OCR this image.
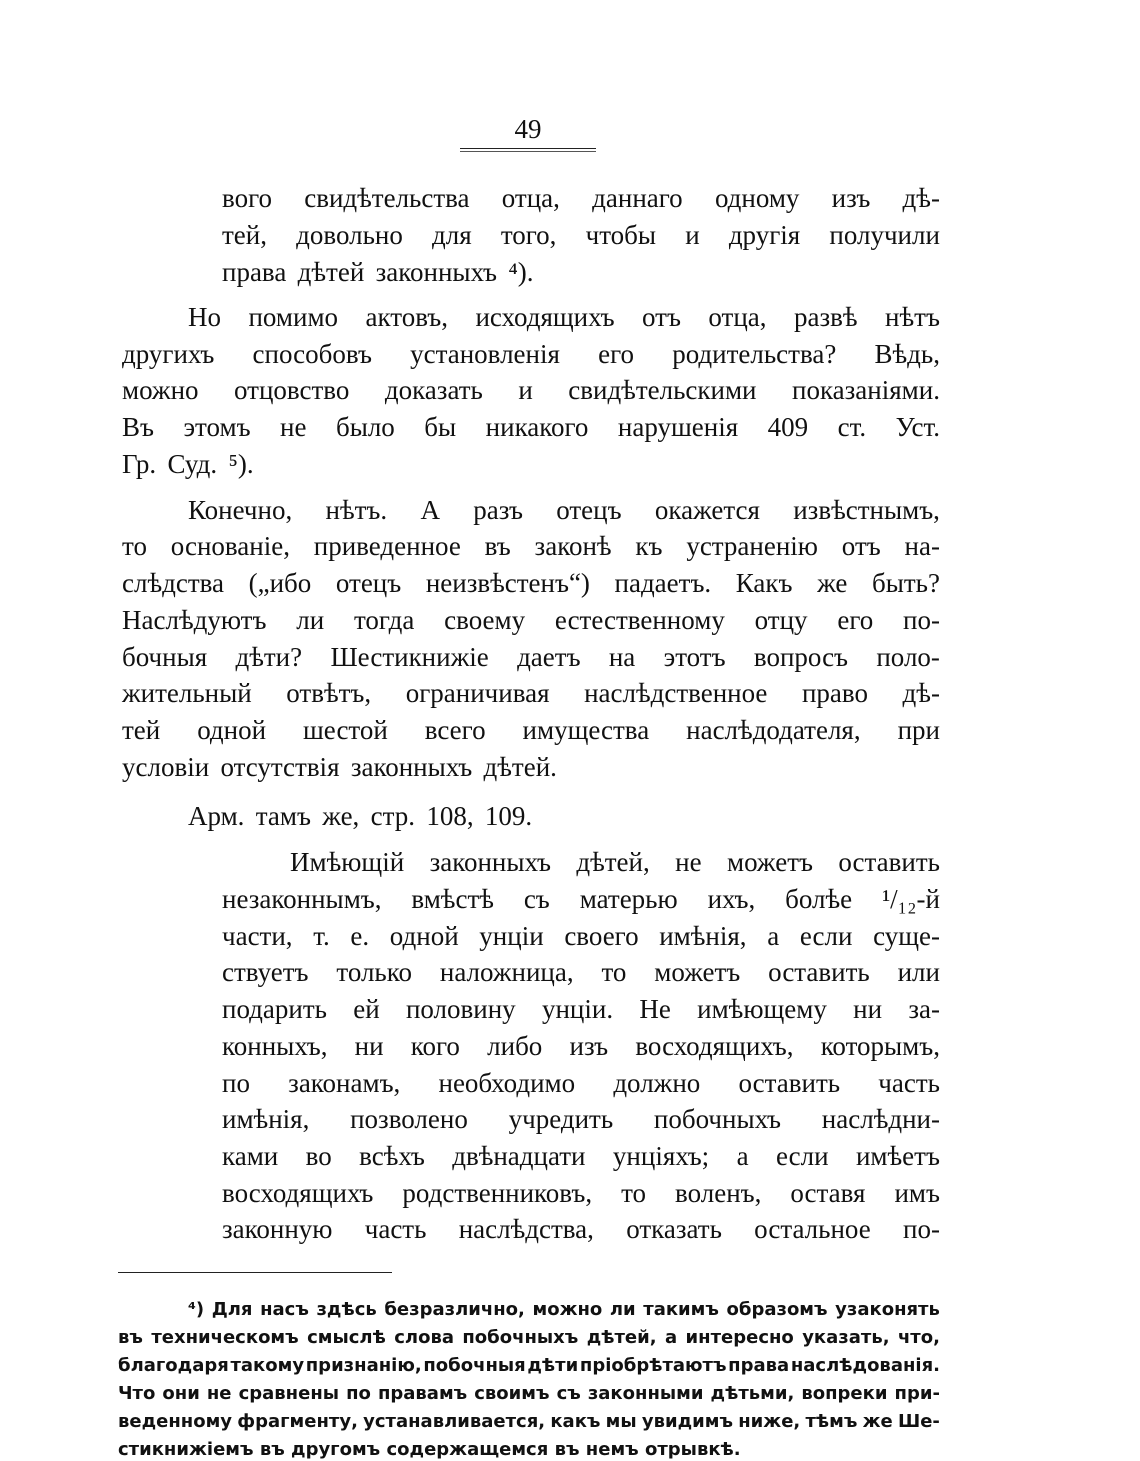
49
вого свидѣтельства отца, даннаго одному изъ дѣ-
тей, довольно для того, чтобы и другія получили
права дѣтей законныхъ ⁴).
Но помимо актовъ, исходящихъ отъ отца, развѣ нѣтъ
другихъ способовъ установленія его родительства? Вѣдь,
можно отцовство доказать и свидѣтельскими показаніями.
Въ этомъ не было бы никакого нарушенія 409 ст. Уст.
Гр. Суд. ⁵).
Конечно, нѣтъ. А разъ отецъ окажется извѣстнымъ,
то основаніе, приведенное въ законѣ къ устраненію отъ на-
слѣдства („ибо отецъ неизвѣстенъ“) падаетъ. Какъ же быть?
Наслѣдуютъ ли тогда своему естественному отцу его по-
бочныя дѣти? Шестикнижіе даетъ на этотъ вопросъ поло-
жительный отвѣтъ, ограничивая наслѣдственное право дѣ-
тей одной шестой всего имущества наслѣдодателя, при
условіи отсутствія законныхъ дѣтей.
Арм. тамъ же, стр. 108, 109.
Имѣющій законныхъ дѣтей, не можетъ оставить
незаконнымъ, вмѣстѣ съ матерью ихъ, болѣе ¹/₁₂-й
части, т. е. одной унціи своего имѣнія, а если суще-
ствуетъ только наложница, то можетъ оставить или
подарить ей половину унціи. Не имѣющему ни за-
конныхъ, ни кого либо изъ восходящихъ, которымъ,
по законамъ, необходимо должно оставить часть
имѣнія, позволено учредить побочныхъ наслѣдни-
ками во всѣхъ двѣнадцати унціяхъ; а если имѣетъ
восходящихъ родственниковъ, то воленъ, оставя имъ
законную часть наслѣдства, отказать остальное по-
⁴) Для насъ здѣсь безразлично, можно ли такимъ образомъ узаконять
въ техническомъ смыслѣ слова побочныхъ дѣтей, а интересно указать, что,
благодаря такому признанію, побочныя дѣти пріобрѣтаютъ права наслѣдованія.
Что они не сравнены по правамъ своимъ съ законными дѣтьми, вопреки при-
веденному фрагменту, устанавливается, какъ мы увидимъ ниже, тѣмъ же Ше-
стикнижіемъ въ другомъ содержащемся въ немъ отрывкѣ.
